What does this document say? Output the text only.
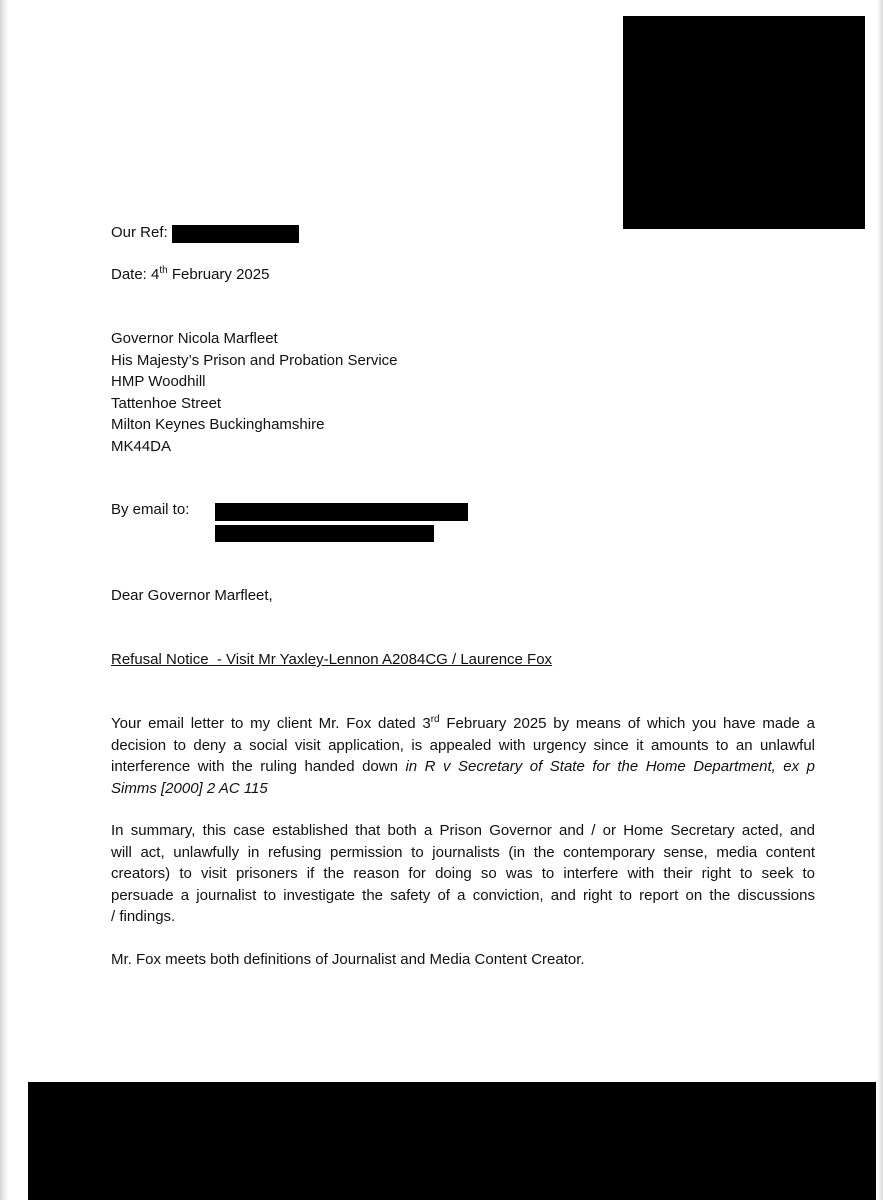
Our Ref:
Date: 4th February 2025
Governor Nicola Marfleet
His Majesty’s Prison and Probation Service
HMP Woodhill
Tattenhoe Street
Milton Keynes Buckinghamshire
MK44DA
By email to:
Dear Governor Marfleet,
Refusal Notice  - Visit Mr Yaxley-Lennon A2084CG / Laurence Fox
Your email letter to my client Mr. Fox dated 3rd February 2025 by means of which you have made a
decision to deny a social visit application, is appealed with urgency since it amounts to an unlawful
interference with the ruling handed down in R v Secretary of State for the Home Department, ex p
Simms [2000] 2 AC 115
In summary, this case established that both a Prison Governor and / or Home Secretary acted, and
will act, unlawfully in refusing permission to journalists (in the contemporary sense, media content
creators) to visit prisoners if the reason for doing so was to interfere with their right to seek to
persuade a journalist to investigate the safety of a conviction, and right to report on the discussions
/ findings.
Mr. Fox meets both definitions of Journalist and Media Content Creator.
